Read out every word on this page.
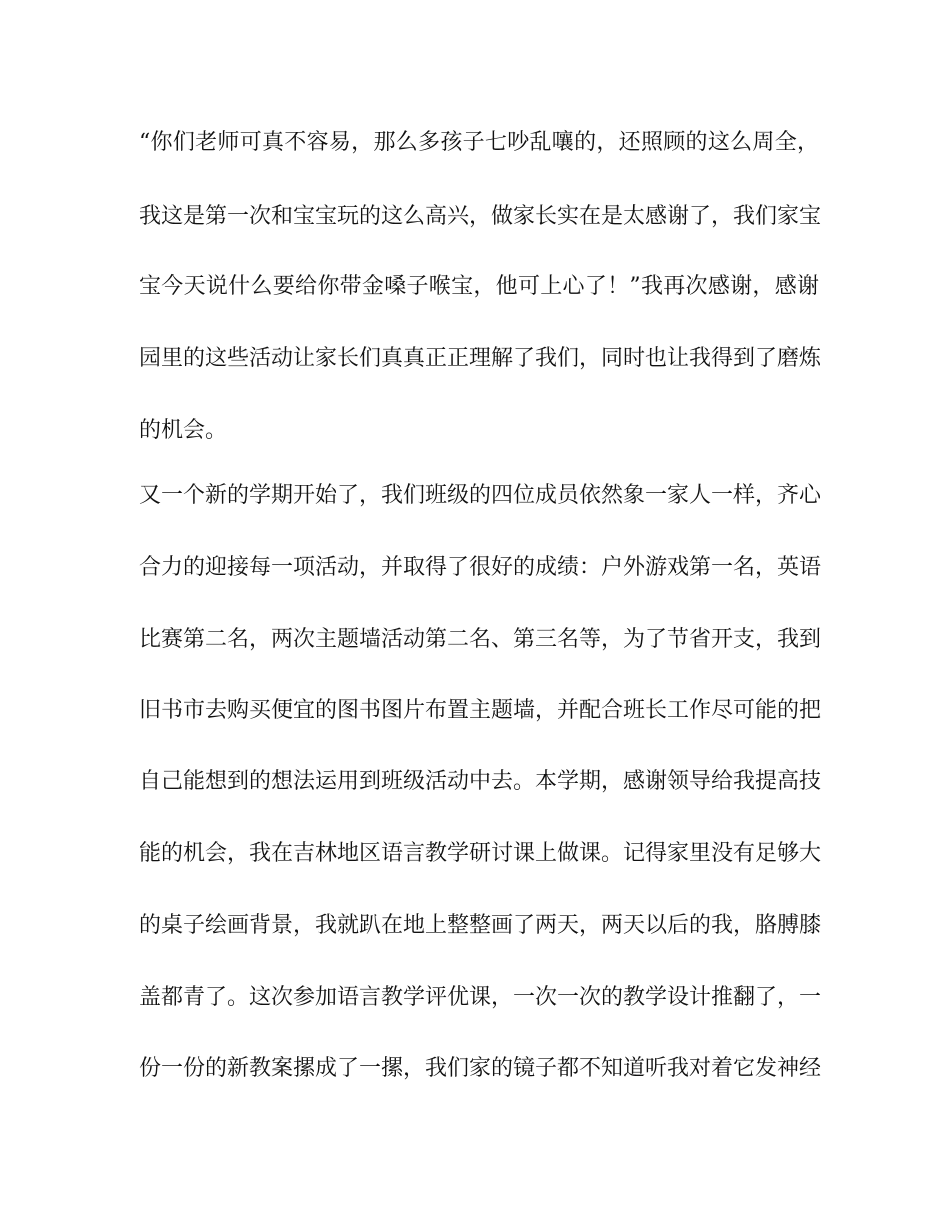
“你们老师可真不容易，那么多孩子七吵乱嚷的，还照顾的这么周全，
我这是第一次和宝宝玩的这么高兴，做家长实在是太感谢了，我们家宝
宝今天说什么要给你带金嗓子喉宝，他可上心了！”我再次感谢，感谢
园里的这些活动让家长们真真正正理解了我们，同时也让我得到了磨炼
的机会。
又一个新的学期开始了，我们班级的四位成员依然象一家人一样，齐心
合力的迎接每一项活动，并取得了很好的成绩：户外游戏第一名，英语
比赛第二名，两次主题墙活动第二名、第三名等，为了节省开支，我到
旧书市去购买便宜的图书图片布置主题墙，并配合班长工作尽可能的把
自己能想到的想法运用到班级活动中去。本学期，感谢领导给我提高技
能的机会，我在吉林地区语言教学研讨课上做课。记得家里没有足够大
的桌子绘画背景，我就趴在地上整整画了两天，两天以后的我，胳膊膝
盖都青了。这次参加语言教学评优课，一次一次的教学设计推翻了，一
份一份的新教案摞成了一摞，我们家的镜子都不知道听我对着它发神经
